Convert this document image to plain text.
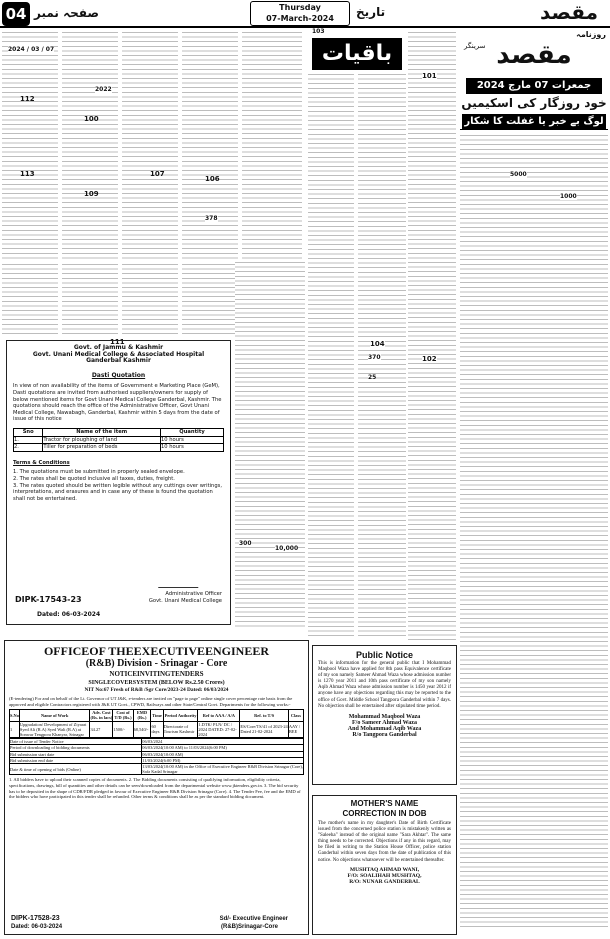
04 صفحہ نمبر	Thursday
07-March-2024	تاریخ	مقصد
112
113
100
109
107
106
111
2024 / 03 / 07
2022
378
Govt. of Jammu & Kashmir
Govt. Unani Medical College & Associated Hospital
Ganderbal Kashmir
Dasti Quotation
In view of non availability of the items of Government e Marketing Place (GeM), Dasti quotations are invited from authorised suppliers/owners for supply of below mentioned items for Govt Unani Medical College Ganderbal, Kashmir. The quotations should reach the office of the Administrative Officer, Govt Unani Medical College, Nawabagh, Ganderbal, Kashmir within 5 days from the date of issue of this notice
Sno	Name of the item	Quantity
1.	Tractor for ploughing of land	10 hours
2.	Tiller for preparation of beds	10 hours
Terms & Conditions
1. The quotations must be submitted in properly sealed envelope.
2. The rates shall be quoted inclusive all taxes, duties, freight.
3. The rates quoted should be written legible without any cuttings over writings, interpretations, and erasures and in case any of these is found the quotation shall not be entertained.
Administrative Officer
Govt. Unani Medical College
DIPK-17543-23
Dated: 06-03-2024
300
10,000
باقیات
104
370
25
103
101
102
روزنامہ
سرینگر مقصد
جمعرات 07 مارچ 2024
خود روزگار کی اسکیمیں
لوگ بے خبر یا غفلت کا شکار
5000
1000
OFFICEOF THEEXECUTIVEENGINEER
(R&B) Division - Srinagar - Core
NOTICEINVITINGTENDERS
SINGLECOVERSYSTEM (BELOW Rs.2.50 Crores)
NIT No:67 Fresh of R&B /Sgr Core/2023-24 Dated: 06/03/2024
(E-tendering) For and on behalf of the Lt. Governor of UT J&K, e-tenders are invited on "page to page" online single cover percentage rate basis from the approved and eligible Contractors registered with J&K UT Govt., CPWD, Railways and other State/Central Govt. Departments for the following works:-
S.No	Name of Work	Adv. Cost (Rs. in lacs)	Cost of T/D (Rs.)	EMD (Rs.)	Time	Period Authority	Ref to AAA / A/A	Ref. to T/S	Class
1	Upgradation/ Development of Ziyarat Syed Ali (R.A) Syed Wali (R.A) at Sonwar Tengpora Khanyar, Srinagar	34.27	1500/-	68,540/-	60 days	Directorate of Tourism Kashmir	1.DTK/ PLN/ DC / 2024 DATED: 27-02-2024	ES/Core/TS/41 of 2023-24 Dated 21-02-2024	AAY / BEE
Date of issue of Tender Notice	06/03/2024
Period of downloading of bidding documents	06/03/2024(10:00 AM) to 11/03/2024(6:00 PM)
Bid submission start date	06/03/2024(10:00 AM)
Bid submission end date	11/03/2024(6:00 PM)
Date & time of opening of bids (Online)	13/03/2024(10:00 AM) in the Office of Executive Engineer R&B Division Srinagar (Core), Safa Kadal Srinagar
1. All bidders have to upload their scanned copies of documents. 2. The Bidding documents consisting of qualifying information, eligibility criteria, specifications, drawings, bill of quantities and other details can be seen/downloaded from the departmental website www.jktenders.gov.in. 3. The bid security has to be deposited in the shape of CDR/FDR pledged in favour of Executive Engineer R&B Division Srinagar (Core). 4. The Tender Fee, fee and the EMD of the bidders who have participated in this tender shall be refunded. Other terms & conditions shall be as per the standard bidding document.
DIPK-17528-23
Dated: 06-03-2024
Sd/- Executive Engineer
(R&B)Srinagar-Core
Public Notice
This is information for the general public that I Mohammad Maqbool Waza have applied for 8th pass Equivalence certificate of my son namely Sameer Ahmad Waza whose admission number is 1270 year 2011 and 10th pass certificate of my son namely Aqib Ahmad Waza whose admission number is 1450 year 2012 if anyone have any objections regarding this may be reported to the office of Govt. Middle School Tangpora Ganderbal within 7 days. No objection shall be entertained after stipulated time period.
Mohammad Maqbool Waza
F/o Sameer Ahmad Waza
And Mohammad Aqib Waza
R/o Tangpora Ganderbal
MOTHER'S NAME
CORRECTION IN DOB
The mother's name in my daughter's Date of Birth Certificate issued from the concerned police station is mistakenly written as "Saleeha" instead of the original name "Sara Akhtar". The same thing needs to be corrected. Objections if any in this regard, may be filed in writing to the Station House Officer, police station Ganderbal within seven days from the date of publication of this notice. No objections whatsoever will be entertained thereafter.
MUSHTAQ AHMAD WANI,
F/O: SOALIHAH MUSHTAQ,
R/O: NUNAR GANDERBAL
